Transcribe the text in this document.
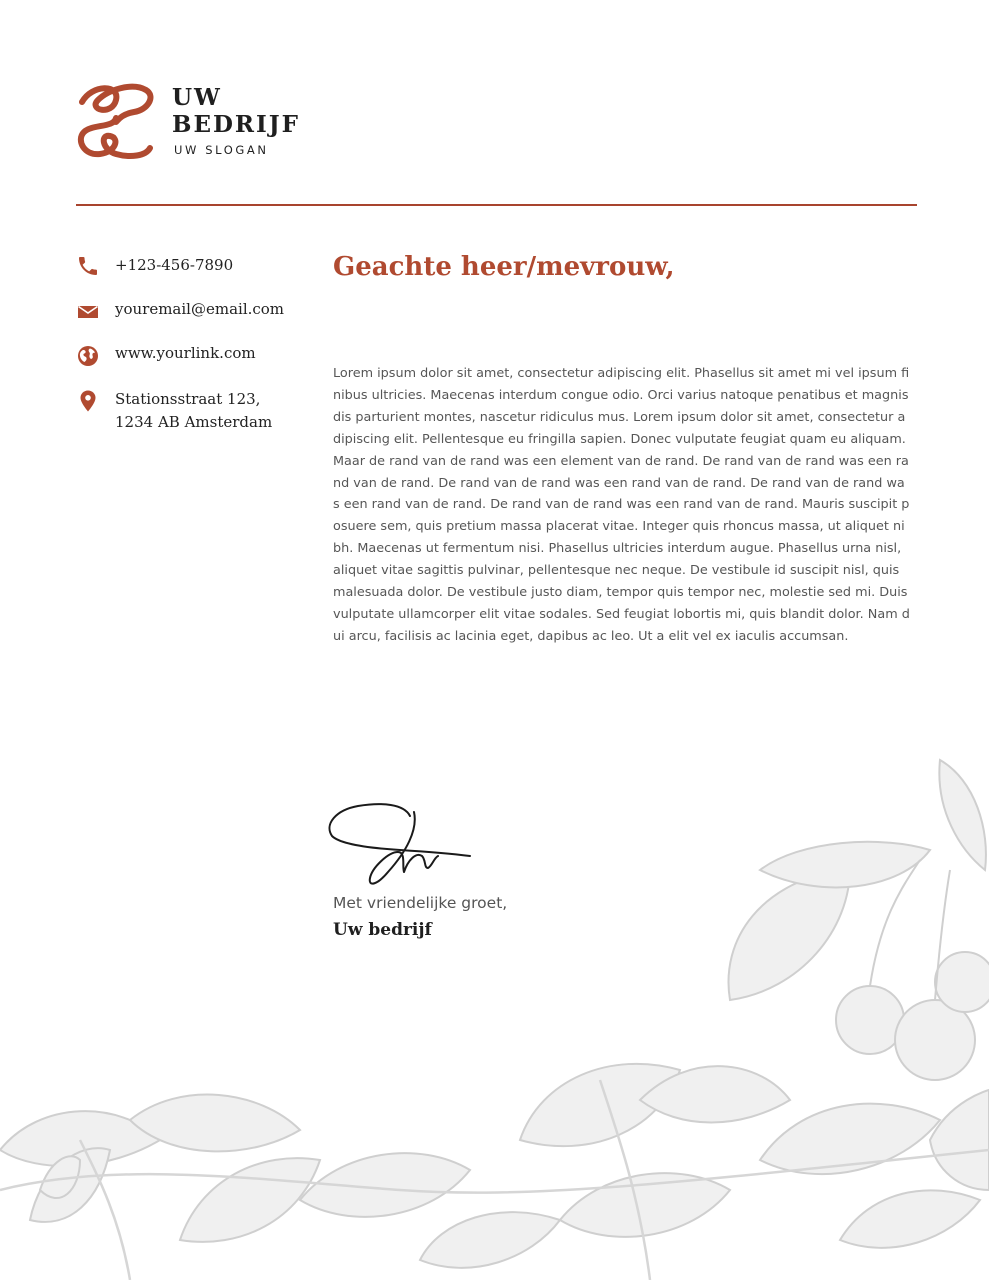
UW
BEDRIJF
UW SLOGAN
+123-456-7890
youremail@email.com
www.yourlink.com
Stationsstraat 123,
1234 AB Amsterdam
Geachte heer/mevrouw,

Lorem ipsum dolor sit amet, consectetur adipiscing elit. Phasellus sit amet mi vel ipsum finibus ultricies. Maecenas interdum congue odio. Orci varius natoque penatibus et magnis dis parturient montes, nascetur ridiculus mus. Lorem ipsum dolor sit amet, consectetur adipiscing elit. Pellentesque eu fringilla sapien. Donec vulputate feugiat quam eu aliquam. Maar de rand van de rand was een element van de rand. De rand van de rand was een rand van de rand. De rand van de rand was een rand van de rand. De rand van de rand was een rand van de rand. De rand van de rand was een rand van de rand. Mauris suscipit posuere sem, quis pretium massa placerat vitae. Integer quis rhoncus massa, ut aliquet nibh. Maecenas ut fermentum nisi. Phasellus ultricies interdum augue. Phasellus urna nisl, aliquet vitae sagittis pulvinar, pellentesque nec neque. De vestibule id suscipit nisl, quis malesuada dolor. De vestibule justo diam, tempor quis tempor nec, molestie sed mi. Duis vulputate ullamcorper elit vitae sodales. Sed feugiat lobortis mi, quis blandit dolor. Nam dui arcu, facilisis ac lacinia eget, dapibus ac leo. Ut a elit vel ex iaculis accumsan.

Met vriendelijke groet,
Uw bedrijf
